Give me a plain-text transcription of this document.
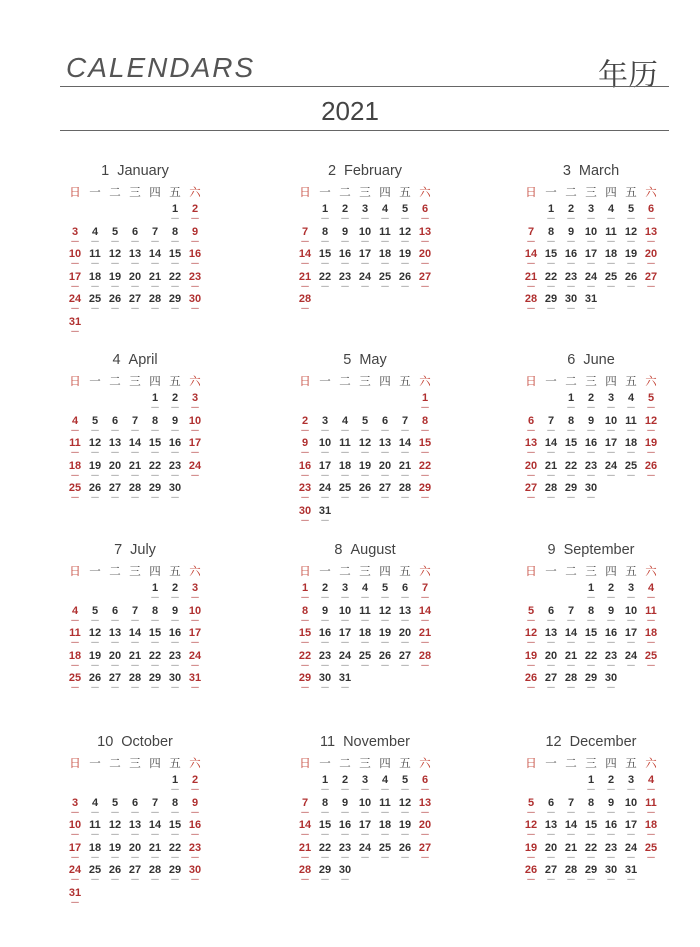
CALENDARS	年历
2021
1 January
日 一 二 三 四 五 六
1
▬▬
2
▬▬
3
▬▬
4
▬▬
5
▬▬
6
▬▬
7
▬▬
8
▬▬
9
▬▬
10
▬▬
11
▬▬
12
▬▬
13
▬▬
14
▬▬
15
▬▬
16
▬▬
17
▬▬
18
▬▬
19
▬▬
20
▬▬
21
▬▬
22
▬▬
23
▬▬
24
▬▬
25
▬▬
26
▬▬
27
▬▬
28
▬▬
29
▬▬
30
▬▬
31
▬▬
2 February
日 一 二 三 四 五 六
1
▬▬
2
▬▬
3
▬▬
4
▬▬
5
▬▬
6
▬▬
7
▬▬
8
▬▬
9
▬▬
10
▬▬
11
▬▬
12
▬▬
13
▬▬
14
▬▬
15
▬▬
16
▬▬
17
▬▬
18
▬▬
19
▬▬
20
▬▬
21
▬▬
22
▬▬
23
▬▬
24
▬▬
25
▬▬
26
▬▬
27
▬▬
28
▬▬
3 March
日 一 二 三 四 五 六
1
▬▬
2
▬▬
3
▬▬
4
▬▬
5
▬▬
6
▬▬
7
▬▬
8
▬▬
9
▬▬
10
▬▬
11
▬▬
12
▬▬
13
▬▬
14
▬▬
15
▬▬
16
▬▬
17
▬▬
18
▬▬
19
▬▬
20
▬▬
21
▬▬
22
▬▬
23
▬▬
24
▬▬
25
▬▬
26
▬▬
27
▬▬
28
▬▬
29
▬▬
30
▬▬
31
▬▬
4 April
日 一 二 三 四 五 六
1
▬▬
2
▬▬
3
▬▬
4
▬▬
5
▬▬
6
▬▬
7
▬▬
8
▬▬
9
▬▬
10
▬▬
11
▬▬
12
▬▬
13
▬▬
14
▬▬
15
▬▬
16
▬▬
17
▬▬
18
▬▬
19
▬▬
20
▬▬
21
▬▬
22
▬▬
23
▬▬
24
▬▬
25
▬▬
26
▬▬
27
▬▬
28
▬▬
29
▬▬
30
▬▬
5 May
日 一 二 三 四 五 六
1
▬▬
2
▬▬
3
▬▬
4
▬▬
5
▬▬
6
▬▬
7
▬▬
8
▬▬
9
▬▬
10
▬▬
11
▬▬
12
▬▬
13
▬▬
14
▬▬
15
▬▬
16
▬▬
17
▬▬
18
▬▬
19
▬▬
20
▬▬
21
▬▬
22
▬▬
23
▬▬
24
▬▬
25
▬▬
26
▬▬
27
▬▬
28
▬▬
29
▬▬
30
▬▬
31
▬▬
6 June
日 一 二 三 四 五 六
1
▬▬
2
▬▬
3
▬▬
4
▬▬
5
▬▬
6
▬▬
7
▬▬
8
▬▬
9
▬▬
10
▬▬
11
▬▬
12
▬▬
13
▬▬
14
▬▬
15
▬▬
16
▬▬
17
▬▬
18
▬▬
19
▬▬
20
▬▬
21
▬▬
22
▬▬
23
▬▬
24
▬▬
25
▬▬
26
▬▬
27
▬▬
28
▬▬
29
▬▬
30
▬▬
7 July
日 一 二 三 四 五 六
1
▬▬
2
▬▬
3
▬▬
4
▬▬
5
▬▬
6
▬▬
7
▬▬
8
▬▬
9
▬▬
10
▬▬
11
▬▬
12
▬▬
13
▬▬
14
▬▬
15
▬▬
16
▬▬
17
▬▬
18
▬▬
19
▬▬
20
▬▬
21
▬▬
22
▬▬
23
▬▬
24
▬▬
25
▬▬
26
▬▬
27
▬▬
28
▬▬
29
▬▬
30
▬▬
31
▬▬
8 August
日 一 二 三 四 五 六
1
▬▬
2
▬▬
3
▬▬
4
▬▬
5
▬▬
6
▬▬
7
▬▬
8
▬▬
9
▬▬
10
▬▬
11
▬▬
12
▬▬
13
▬▬
14
▬▬
15
▬▬
16
▬▬
17
▬▬
18
▬▬
19
▬▬
20
▬▬
21
▬▬
22
▬▬
23
▬▬
24
▬▬
25
▬▬
26
▬▬
27
▬▬
28
▬▬
29
▬▬
30
▬▬
31
▬▬
9 September
日 一 二 三 四 五 六
1
▬▬
2
▬▬
3
▬▬
4
▬▬
5
▬▬
6
▬▬
7
▬▬
8
▬▬
9
▬▬
10
▬▬
11
▬▬
12
▬▬
13
▬▬
14
▬▬
15
▬▬
16
▬▬
17
▬▬
18
▬▬
19
▬▬
20
▬▬
21
▬▬
22
▬▬
23
▬▬
24
▬▬
25
▬▬
26
▬▬
27
▬▬
28
▬▬
29
▬▬
30
▬▬
10 October
日 一 二 三 四 五 六
1
▬▬
2
▬▬
3
▬▬
4
▬▬
5
▬▬
6
▬▬
7
▬▬
8
▬▬
9
▬▬
10
▬▬
11
▬▬
12
▬▬
13
▬▬
14
▬▬
15
▬▬
16
▬▬
17
▬▬
18
▬▬
19
▬▬
20
▬▬
21
▬▬
22
▬▬
23
▬▬
24
▬▬
25
▬▬
26
▬▬
27
▬▬
28
▬▬
29
▬▬
30
▬▬
31
▬▬
11 November
日 一 二 三 四 五 六
1
▬▬
2
▬▬
3
▬▬
4
▬▬
5
▬▬
6
▬▬
7
▬▬
8
▬▬
9
▬▬
10
▬▬
11
▬▬
12
▬▬
13
▬▬
14
▬▬
15
▬▬
16
▬▬
17
▬▬
18
▬▬
19
▬▬
20
▬▬
21
▬▬
22
▬▬
23
▬▬
24
▬▬
25
▬▬
26
▬▬
27
▬▬
28
▬▬
29
▬▬
30
▬▬
12 December
日 一 二 三 四 五 六
1
▬▬
2
▬▬
3
▬▬
4
▬▬
5
▬▬
6
▬▬
7
▬▬
8
▬▬
9
▬▬
10
▬▬
11
▬▬
12
▬▬
13
▬▬
14
▬▬
15
▬▬
16
▬▬
17
▬▬
18
▬▬
19
▬▬
20
▬▬
21
▬▬
22
▬▬
23
▬▬
24
▬▬
25
▬▬
26
▬▬
27
▬▬
28
▬▬
29
▬▬
30
▬▬
31
▬▬
